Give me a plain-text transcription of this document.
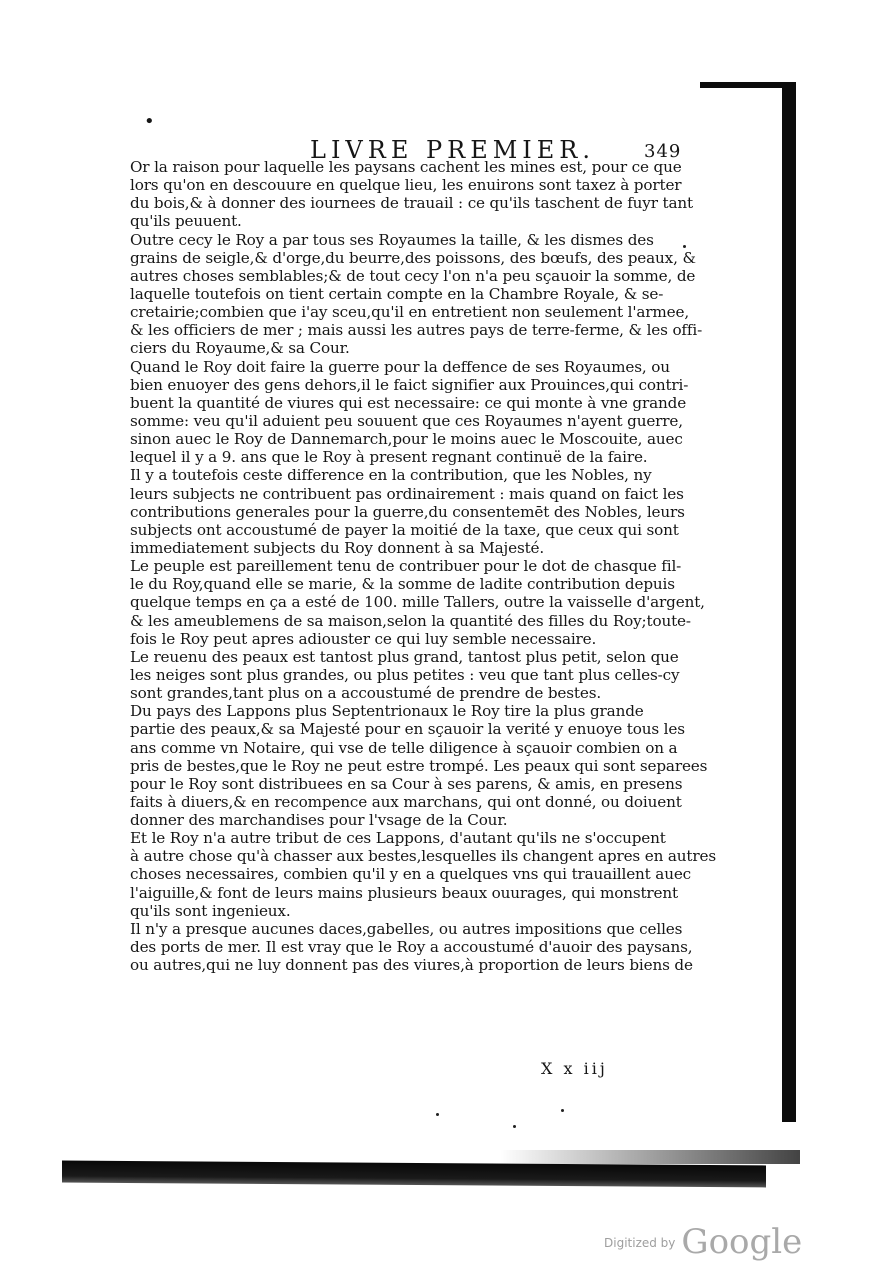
•
LIVRE PREMIER.	349
Or la raison pour laquelle les paysans cachent les mines est, pour ce que
lors qu'on en descouure en quelque lieu, les enuirons sont taxez à porter
du bois,& à donner des iournees de trauail : ce qu'ils taschent de fuyr tant
qu'ils peuuent.
Outre cecy le Roy a par tous ses Royaumes la taille, & les dismes des
grains de seigle,& d'orge,du beurre,des poissons, des bœufs, des peaux, &
autres choses semblables;& de tout cecy l'on n'a peu sçauoir la somme, de
laquelle toutefois on tient certain compte en la Chambre Royale, & se-
cretairie;combien que i'ay sceu,qu'il en entretient non seulement l'armee,
& les officiers de mer ; mais aussi les autres pays de terre-ferme, & les offi-
ciers du Royaume,& sa Cour.
Quand le Roy doit faire la guerre pour la deffence de ses Royaumes, ou
bien enuoyer des gens dehors,il le faict signifier aux Prouinces,qui contri-
buent la quantité de viures qui est necessaire: ce qui monte à vne grande
somme: veu qu'il aduient peu souuent que ces Royaumes n'ayent guerre,
sinon auec le Roy de Dannemarch,pour le moins auec le Moscouite, auec
lequel il y a 9. ans que le Roy à present regnant continuë de la faire.
Il y a toutefois ceste difference en la contribution, que les Nobles, ny
leurs subjects ne contribuent pas ordinairement : mais quand on faict les
contributions generales pour la guerre,du consentemēt des Nobles, leurs
subjects ont accoustumé de payer la moitié de la taxe, que ceux qui sont
immediatement subjects du Roy donnent à sa Majesté.
Le peuple est pareillement tenu de contribuer pour le dot de chasque fil-
le du Roy,quand elle se marie, & la somme de ladite contribution depuis
quelque temps en ça a esté de 100. mille Tallers, outre la vaisselle d'argent,
& les ameublemens de sa maison,selon la quantité des filles du Roy;toute-
fois le Roy peut apres adiouster ce qui luy semble necessaire.
Le reuenu des peaux est tantost plus grand, tantost plus petit, selon que
les neiges sont plus grandes, ou plus petites : veu que tant plus celles-cy
sont grandes,tant plus on a accoustumé de prendre de bestes.
Du pays des Lappons plus Septentrionaux le Roy tire la plus grande
partie des peaux,& sa Majesté pour en sçauoir la verité y enuoye tous les
ans comme vn Notaire, qui vse de telle diligence à sçauoir combien on a
pris de bestes,que le Roy ne peut estre trompé. Les peaux qui sont separees
pour le Roy sont distribuees en sa Cour à ses parens, & amis, en presens
faits à diuers,& en recompence aux marchans, qui ont donné, ou doiuent
donner des marchandises pour l'vsage de la Cour.
Et le Roy n'a autre tribut de ces Lappons, d'autant qu'ils ne s'occupent
à autre chose qu'à chasser aux bestes,lesquelles ils changent apres en autres
choses necessaires, combien qu'il y en a quelques vns qui trauaillent auec
l'aiguille,& font de leurs mains plusieurs beaux ouurages, qui monstrent
qu'ils sont ingenieux.
Il n'y a presque aucunes daces,gabelles, ou autres impositions que celles
des ports de mer. Il est vray que le Roy a accoustumé d'auoir des paysans,
ou autres,qui ne luy donnent pas des viures,à proportion de leurs biens de
X x iij
$^{Digitized by}$ Google
